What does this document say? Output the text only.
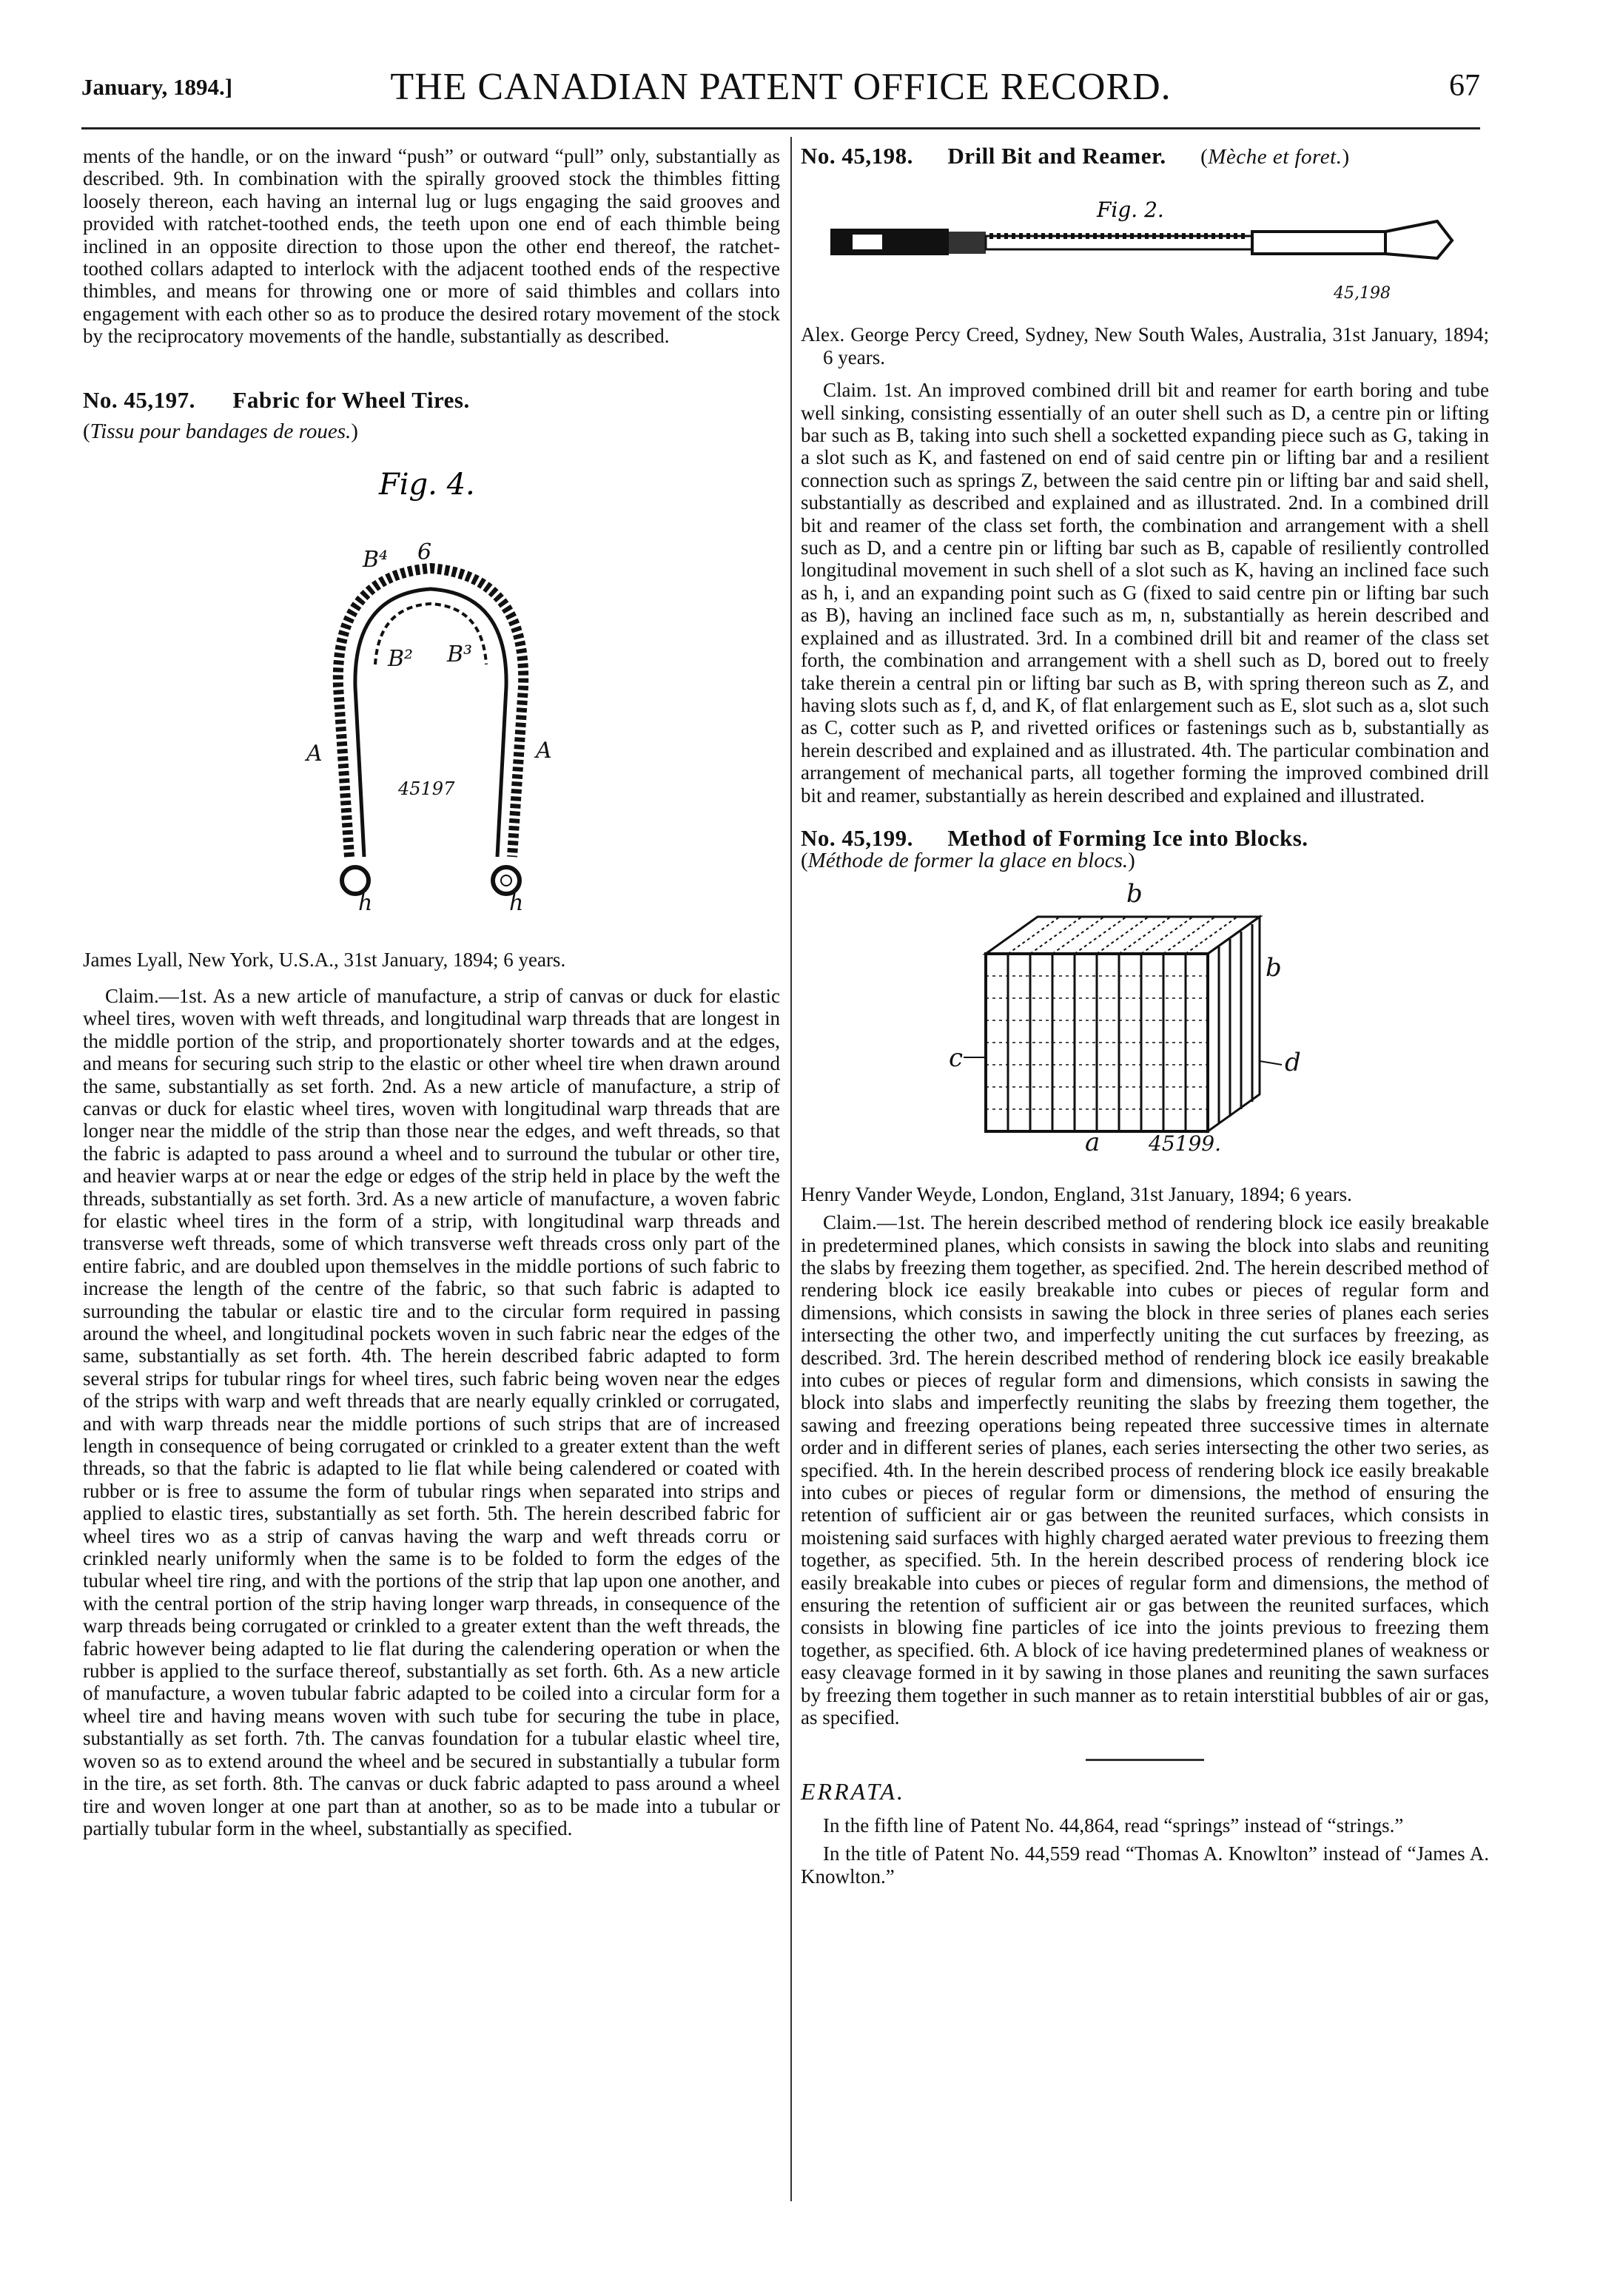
January, 1894.]	THE CANADIAN PATENT OFFICE RECORD.	67

ments of the handle, or on the inward “push” or outward “pull” only, substantially as described. 9th. In combination with the spirally grooved stock the thimbles fitting loosely thereon, each having an internal lug or lugs engaging the said grooves and provided with ratchet-toothed ends, the teeth upon one end of each thimble being inclined in an opposite direction to those upon the other end thereof, the ratchet-toothed collars adapted to interlock with the adjacent toothed ends of the respective thimbles, and means for throwing one or more of said thimbles and collars into engagement with each other so as to produce the desired rotary movement of the stock by the reciprocatory movements of the handle, substantially as described.

No. 45,197. Fabric for Wheel Tires.
(Tissu pour bandages de roues.)
Fig. 4.
B⁴ 6
B² B³
A	A
h	h
45197

James Lyall, New York, U.S.A., 31st January, 1894; 6 years.

Claim.—1st. As a new article of manufacture, a strip of canvas or duck for elastic wheel tires, woven with weft threads, and longitudinal warp threads that are longest in the middle portion of the strip, and proportionately shorter towards and at the edges, and means for securing such strip to the elastic or other wheel tire when drawn around the same, substantially as set forth. 2nd. As a new article of manufacture, a strip of canvas or duck for elastic wheel tires, woven with longitudinal warp threads that are longer near the middle of the strip than those near the edges, and weft threads, so that the fabric is adapted to pass around a wheel and to surround the tubular or other tire, and heavier warps at or near the edge or edges of the strip held in place by the weft the threads, substantially as set forth. 3rd. As a new article of manufacture, a woven fabric for elastic wheel tires in the form of a strip, with longitudinal warp threads and transverse weft threads, some of which transverse weft threads cross only part of the entire fabric, and are doubled upon themselves in the middle portions of such fabric to increase the length of the centre of the fabric, so that such fabric is adapted to surrounding the tabular or elastic tire and to the circular form required in passing around the wheel, and longitudinal pockets woven in such fabric near the edges of the same, substantially as set forth. 4th. The herein described fabric adapted to form several strips for tubular rings for wheel tires, such fabric being woven near the edges of the strips with warp and weft threads that are nearly equally crinkled or corrugated, and with warp threads near the middle portions of such strips that are of increased length in consequence of being corrugated or crinkled to a greater extent than the weft threads, so that the fabric is adapted to lie flat while being calendered or coated with rubber or is free to assume the form of tubular rings when separated into strips and applied to elastic tires, substantially as set forth. 5th. The herein described fabric for wheel tires wo   as a strip of canvas having the warp and weft threads corru    or crinkled nearly uniformly when the same is to be folded to form the edges of the tubular wheel tire ring, and with the portions of the strip that lap upon one another, and with the central portion of the strip having longer warp threads, in consequence of the warp threads being corrugated or crinkled to a greater extent than the weft threads, the fabric however being adapted to lie flat during the calendering operation or when the rubber is applied to the surface thereof, substantially as set forth. 6th. As a new article of manufacture, a woven tubular fabric adapted to be coiled into a circular form for a wheel tire and having means woven with such tube for securing the tube in place, substantially as set forth. 7th. The canvas foundation for a tubular elastic wheel tire, woven so as to extend around the wheel and be secured in substantially a tubular form in the tire, as set forth. 8th. The canvas or duck fabric adapted to pass around a wheel tire and woven longer at one part than at another, so as to be made into a tubular or partially tubular form in the wheel, substantially as specified.

No. 45,198. Drill Bit and Reamer. (Mèche et foret.)
Fig. 2.
45,198

Alex. George Percy Creed, Sydney, New South Wales, Australia, 31st January, 1894; 6 years.

Claim. 1st. An improved combined drill bit and reamer for earth boring and tube well sinking, consisting essentially of an outer shell such as D, a centre pin or lifting bar such as B, taking into such shell a socketted expanding piece such as G, taking in a slot such as K, and fastened on end of said centre pin or lifting bar and a resilient connection such as springs Z, between the said centre pin or lifting bar and said shell, substantially as described and explained and as illustrated. 2nd. In a combined drill bit and reamer of the class set forth, the combination and arrangement with a shell such as D, and a centre pin or lifting bar such as B, capable of resiliently controlled longitudinal movement in such shell of a slot such as K, having an inclined face such as h, i, and an expanding point such as G (fixed to said centre pin or lifting bar such as B), having an inclined face such as m, n, substantially as herein described and explained and as illustrated. 3rd. In a combined drill bit and reamer of the class set forth, the combination and arrangement with a shell such as D, bored out to freely take therein a central pin or lifting bar such as B, with spring thereon such as Z, and having slots such as f, d, and K, of flat enlargement such as E, slot such as a, slot such as C, cotter such as P, and rivetted orifices or fastenings such as b, substantially as herein described and explained and as illustrated. 4th. The particular combination and arrangement of mechanical parts, all together forming the improved combined drill bit and reamer, substantially as herein described and explained and illustrated.

No. 45,199. Method of Forming Ice into Blocks.
(Méthode de former la glace en blocs.)
b
b
c	d
a 45199.

Henry Vander Weyde, London, England, 31st January, 1894; 6 years.

Claim.—1st. The herein described method of rendering block ice easily breakable in predetermined planes, which consists in sawing the block into slabs and reuniting the slabs by freezing them together, as specified. 2nd. The herein described method of rendering block ice easily breakable into cubes or pieces of regular form and dimensions, which consists in sawing the block in three series of planes each series intersecting the other two, and imperfectly uniting the cut surfaces by freezing, as described. 3rd. The herein described method of rendering block ice easily breakable into cubes or pieces of regular form and dimensions, which consists in sawing the block into slabs and imperfectly reuniting the slabs by freezing them together, the sawing and freezing operations being repeated three successive times in alternate order and in different series of planes, each series intersecting the other two series, as specified. 4th. In the herein described process of rendering block ice easily breakable into cubes or pieces of regular form or dimensions, the method of ensuring the retention of sufficient air or gas between the reunited surfaces, which consists in moistening said surfaces with highly charged aerated water previous to freezing them together, as specified. 5th. In the herein described process of rendering block ice easily breakable into cubes or pieces of regular form and dimensions, the method of ensuring the retention of sufficient air or gas between the reunited surfaces, which consists in blowing fine particles of ice into the joints previous to freezing them together, as specified. 6th. A block of ice having predetermined planes of weakness or easy cleavage formed in it by sawing in those planes and reuniting the sawn surfaces by freezing them together in such manner as to retain interstitial bubbles of air or gas, as specified.

ERRATA.

In the fifth line of Patent No. 44,864, read “springs” instead of “strings.”

In the title of Patent No. 44,559 read “Thomas A. Knowlton” instead of “James A. Knowlton.”
